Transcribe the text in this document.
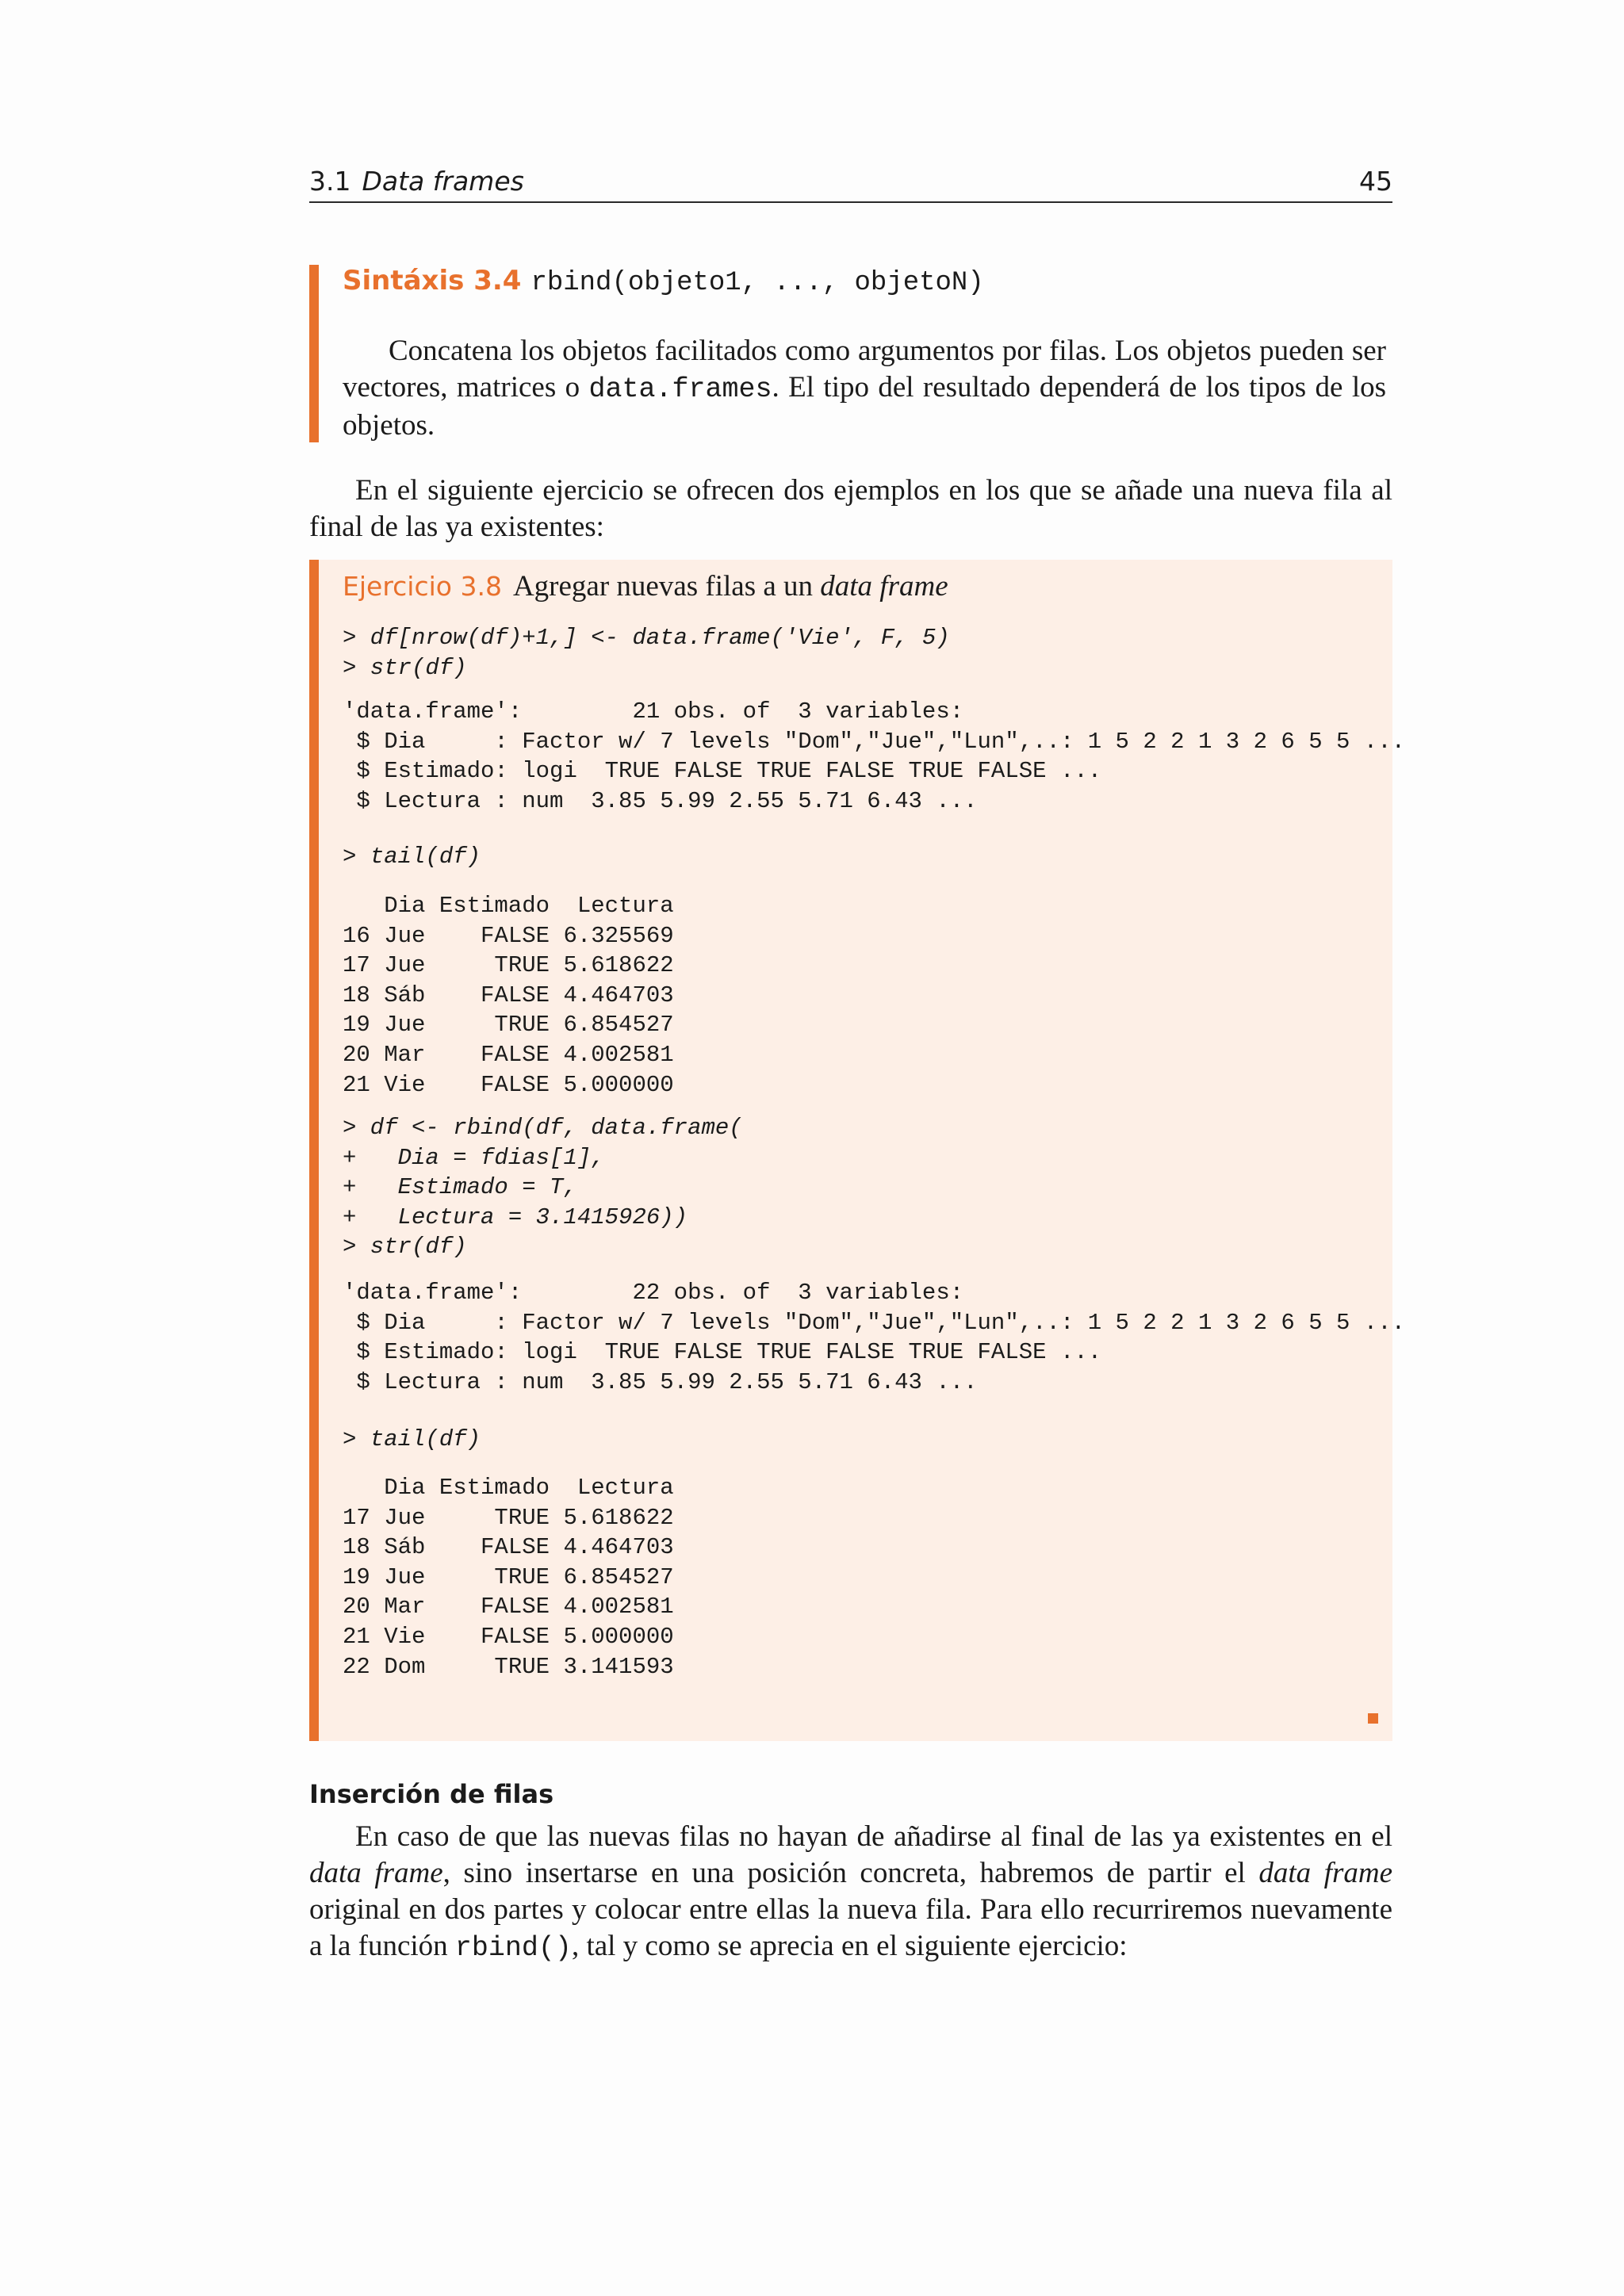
3.1 Data frames	45
Sintáxis 3.4 rbind(objeto1, ..., objetoN)
Concatena los objetos facilitados como argumentos por filas. Los objetos pueden ser vectores, matrices o data.frames. El tipo del resultado dependerá de los tipos de los objetos.
En el siguiente ejercicio se ofrecen dos ejemplos en los que se añade una nueva fila al final de las ya existentes:
Ejercicio 3.8 Agregar nuevas filas a un data frame
> df[nrow(df)+1,] <- data.frame('Vie', F, 5)
> str(df)
'data.frame':        21 obs. of  3 variables:
$ Dia     : Factor w/ 7 levels "Dom","Jue","Lun",..: 1 5 2 2 1 3 2 6 5 5 ...
$ Estimado: logi  TRUE FALSE TRUE FALSE TRUE FALSE ...
$ Lectura : num  3.85 5.99 2.55 5.71 6.43 ...
> tail(df)
Dia Estimado  Lectura
16 Jue    FALSE 6.325569
17 Jue     TRUE 5.618622
18 Sáb    FALSE 4.464703
19 Jue     TRUE 6.854527
20 Mar    FALSE 4.002581
21 Vie    FALSE 5.000000
> df <- rbind(df, data.frame(
+   Dia = fdias[1],
+   Estimado = T,
+   Lectura = 3.1415926))
> str(df)
'data.frame':        22 obs. of  3 variables:
$ Dia     : Factor w/ 7 levels "Dom","Jue","Lun",..: 1 5 2 2 1 3 2 6 5 5 ...
$ Estimado: logi  TRUE FALSE TRUE FALSE TRUE FALSE ...
$ Lectura : num  3.85 5.99 2.55 5.71 6.43 ...
> tail(df)
Dia Estimado  Lectura
17 Jue     TRUE 5.618622
18 Sáb    FALSE 4.464703
19 Jue     TRUE 6.854527
20 Mar    FALSE 4.002581
21 Vie    FALSE 5.000000
22 Dom     TRUE 3.141593
Inserción de filas
En caso de que las nuevas filas no hayan de añadirse al final de las ya existentes en el data frame, sino insertarse en una posición concreta, habremos de partir el data frame original en dos partes y colocar entre ellas la nueva fila. Para ello recurriremos nuevamente a la función rbind(), tal y como se aprecia en el siguiente ejercicio:
